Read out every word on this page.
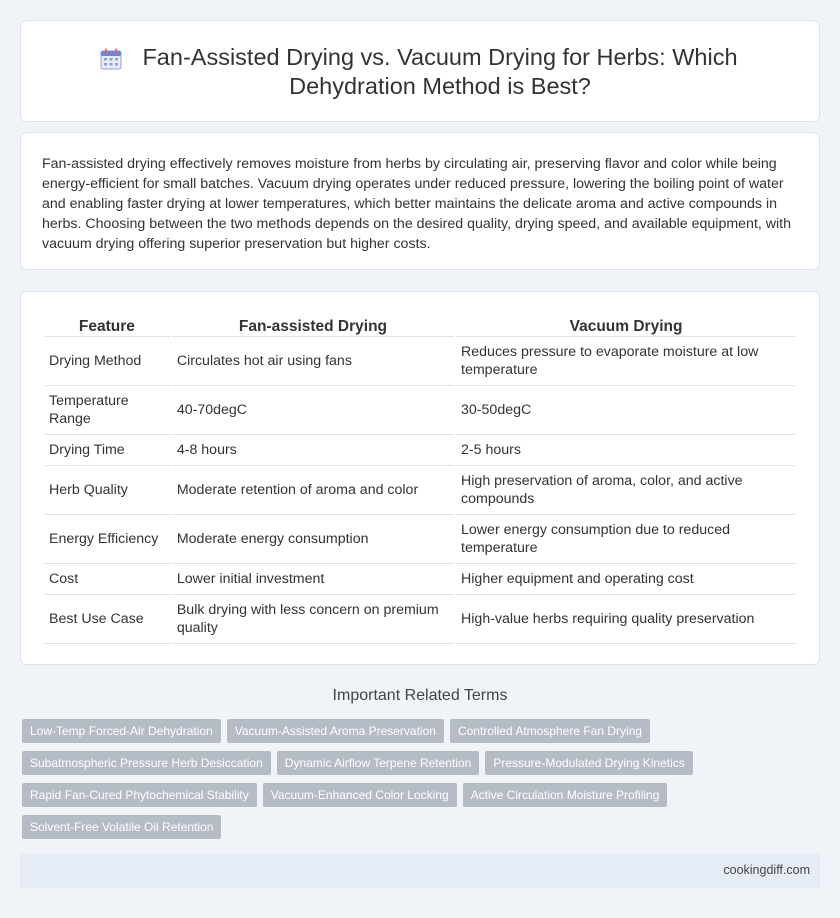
Fan-Assisted Drying vs. Vacuum Drying for Herbs: Which Dehydration Method is Best?

Fan-assisted drying effectively removes moisture from herbs by circulating air, preserving flavor and color while being energy-efficient for small batches. Vacuum drying operates under reduced pressure, lowering the boiling point of water and enabling faster drying at lower temperatures, which better maintains the delicate aroma and active compounds in herbs. Choosing between the two methods depends on the desired quality, drying speed, and available equipment, with vacuum drying offering superior preservation but higher costs.

Feature	Fan-assisted Drying	Vacuum Drying
Drying Method	Circulates hot air using fans	Reduces pressure to evaporate moisture at low temperature
Temperature Range	40-70degC	30-50degC
Drying Time	4-8 hours	2-5 hours
Herb Quality	Moderate retention of aroma and color	High preservation of aroma, color, and active compounds
Energy Efficiency	Moderate energy consumption	Lower energy consumption due to reduced temperature
Cost	Lower initial investment	Higher equipment and operating cost
Best Use Case	Bulk drying with less concern on premium quality	High-value herbs requiring quality preservation
Important Related Terms
Low-Temp Forced-Air Dehydration	Vacuum-Assisted Aroma Preservation	Controlled Atmosphere Fan Drying
Subatmospheric Pressure Herb Desiccation	Dynamic Airflow Terpene Retention	Pressure-Modulated Drying Kinetics
Rapid Fan-Cured Phytochemical Stability	Vacuum-Enhanced Color Locking	Active Circulation Moisture Profiling
Solvent-Free Volatile Oil Retention
cookingdiff.com
